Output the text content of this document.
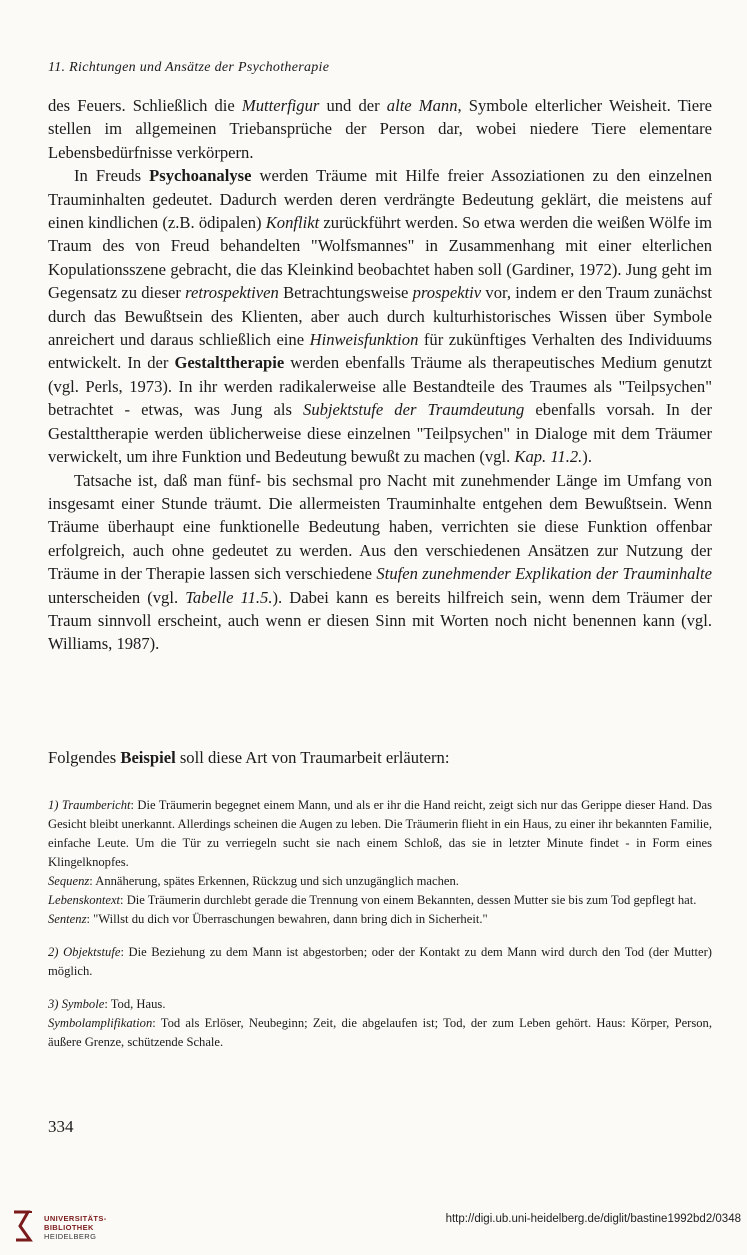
11. Richtungen und Ansätze der Psychotherapie

des Feuers. Schließlich die Mutterfigur und der alte Mann, Symbole elterlicher Weisheit. Tiere stellen im allgemeinen Triebansprüche der Person dar, wobei niedere Tiere elementare Lebensbedürfnisse verkörpern.

In Freuds Psychoanalyse werden Träume mit Hilfe freier Assoziationen zu den einzelnen Trauminhalten gedeutet. Dadurch werden deren verdrängte Bedeutung geklärt, die meistens auf einen kindlichen (z.B. ödipalen) Konflikt zurückführt werden. So etwa werden die weißen Wölfe im Traum des von Freud behandelten "Wolfsmannes" in Zusammenhang mit einer elterlichen Kopulationsszene gebracht, die das Kleinkind beobachtet haben soll (Gardiner, 1972). Jung geht im Gegensatz zu dieser retrospektiven Betrachtungsweise prospektiv vor, indem er den Traum zunächst durch das Bewußtsein des Klienten, aber auch durch kulturhistorisches Wissen über Symbole anreichert und daraus schließlich eine Hinweisfunktion für zukünftiges Verhalten des Individuums entwickelt. In der Gestalttherapie werden ebenfalls Träume als therapeutisches Medium genutzt (vgl. Perls, 1973). In ihr werden radikalerweise alle Bestandteile des Traumes als "Teilpsychen" betrachtet - etwas, was Jung als Subjektstufe der Traumdeutung ebenfalls vorsah. In der Gestalttherapie werden üblicherweise diese einzelnen "Teilpsychen" in Dialoge mit dem Träumer verwickelt, um ihre Funktion und Bedeutung bewußt zu machen (vgl. Kap. 11.2.).

Tatsache ist, daß man fünf- bis sechsmal pro Nacht mit zunehmender Länge im Umfang von insgesamt einer Stunde träumt. Die allermeisten Trauminhalte entgehen dem Bewußtsein. Wenn Träume überhaupt eine funktionelle Bedeutung haben, verrichten sie diese Funktion offenbar erfolgreich, auch ohne gedeutet zu werden. Aus den verschiedenen Ansätzen zur Nutzung der Träume in der Therapie lassen sich verschiedene Stufen zunehmender Explikation der Trauminhalte unterscheiden (vgl. Tabelle 11.5.). Dabei kann es bereits hilfreich sein, wenn dem Träumer der Traum sinnvoll erscheint, auch wenn er diesen Sinn mit Worten noch nicht benennen kann (vgl. Williams, 1987).

Folgendes Beispiel soll diese Art von Traumarbeit erläutern:

1) Traumbericht: Die Träumerin begegnet einem Mann, und als er ihr die Hand reicht, zeigt sich nur das Gerippe dieser Hand. Das Gesicht bleibt unerkannt. Allerdings scheinen die Augen zu leben. Die Träumerin flieht in ein Haus, zu einer ihr bekannten Familie, einfache Leute. Um die Tür zu verriegeln sucht sie nach einem Schloß, das sie in letzter Minute findet - in Form eines Klingelknopfes.

Sequenz: Annäherung, spätes Erkennen, Rückzug und sich unzugänglich machen.

Lebenskontext: Die Träumerin durchlebt gerade die Trennung von einem Bekannten, dessen Mutter sie bis zum Tod gepflegt hat.

Sentenz: "Willst du dich vor Überraschungen bewahren, dann bring dich in Sicherheit."

2) Objektstufe: Die Beziehung zu dem Mann ist abgestorben; oder der Kontakt zu dem Mann wird durch den Tod (der Mutter) möglich.

3) Symbole: Tod, Haus.

Symbolamplifikation: Tod als Erlöser, Neubeginn; Zeit, die abgelaufen ist; Tod, der zum Leben gehört. Haus: Körper, Person, äußere Grenze, schützende Schale.

334
UNIVERSITÄTS-
BIBLIOTHEK
HEIDELBERG
http://digi.ub.uni-heidelberg.de/diglit/bastine1992bd2/0348
